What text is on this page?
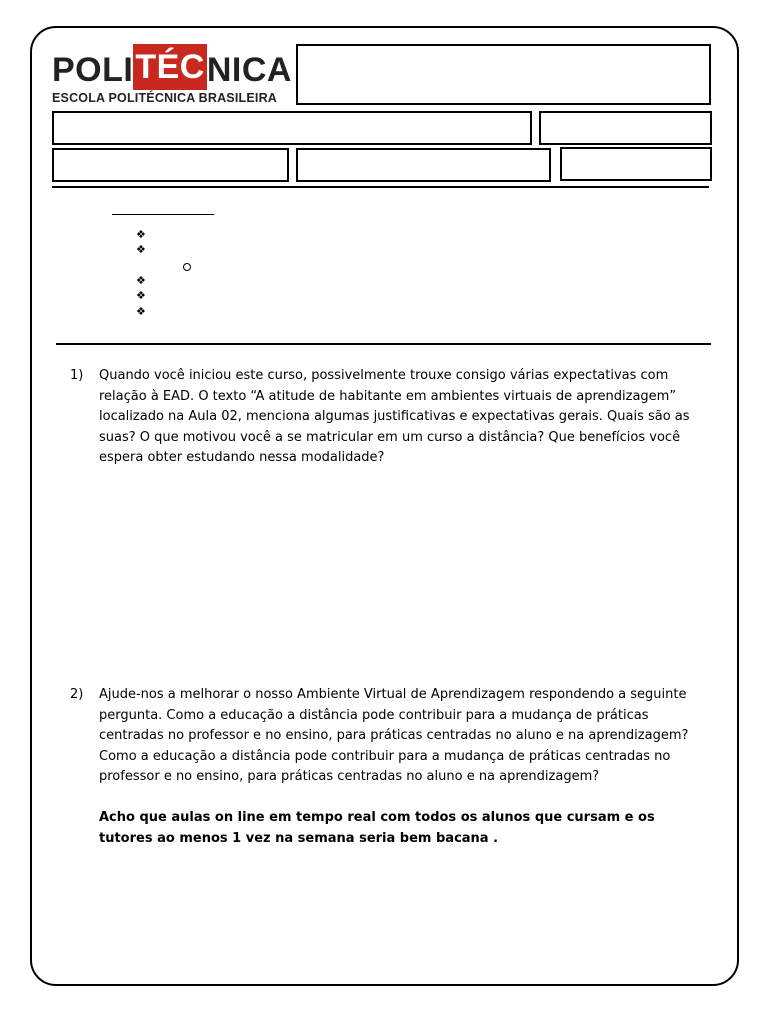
POLI TÉC NICA
ESCOLA POLITÉCNICA BRASILEIRA
❖
❖
❖
❖
❖
1) Quando você iniciou este curso, possivelmente trouxe consigo várias expectativas com relação à EAD. O texto “A atitude de habitante em ambientes virtuais de aprendizagem” localizado na Aula 02, menciona algumas justificativas e expectativas gerais. Quais são as suas? O que motivou você a se matricular em um curso a distância? Que benefícios você espera obter estudando nessa modalidade?

2) Ajude-nos a melhorar o nosso Ambiente Virtual de Aprendizagem respondendo a seguinte pergunta. Como a educação a distância pode contribuir para a mudança de práticas centradas no professor e no ensino, para práticas centradas no aluno e na aprendizagem?

Como a educação a distância pode contribuir para a mudança de práticas centradas no professor e no ensino, para práticas centradas no aluno e na aprendizagem?

Acho que aulas on line em tempo real com todos os alunos que cursam e os tutores ao menos 1 vez na semana seria bem bacana .
